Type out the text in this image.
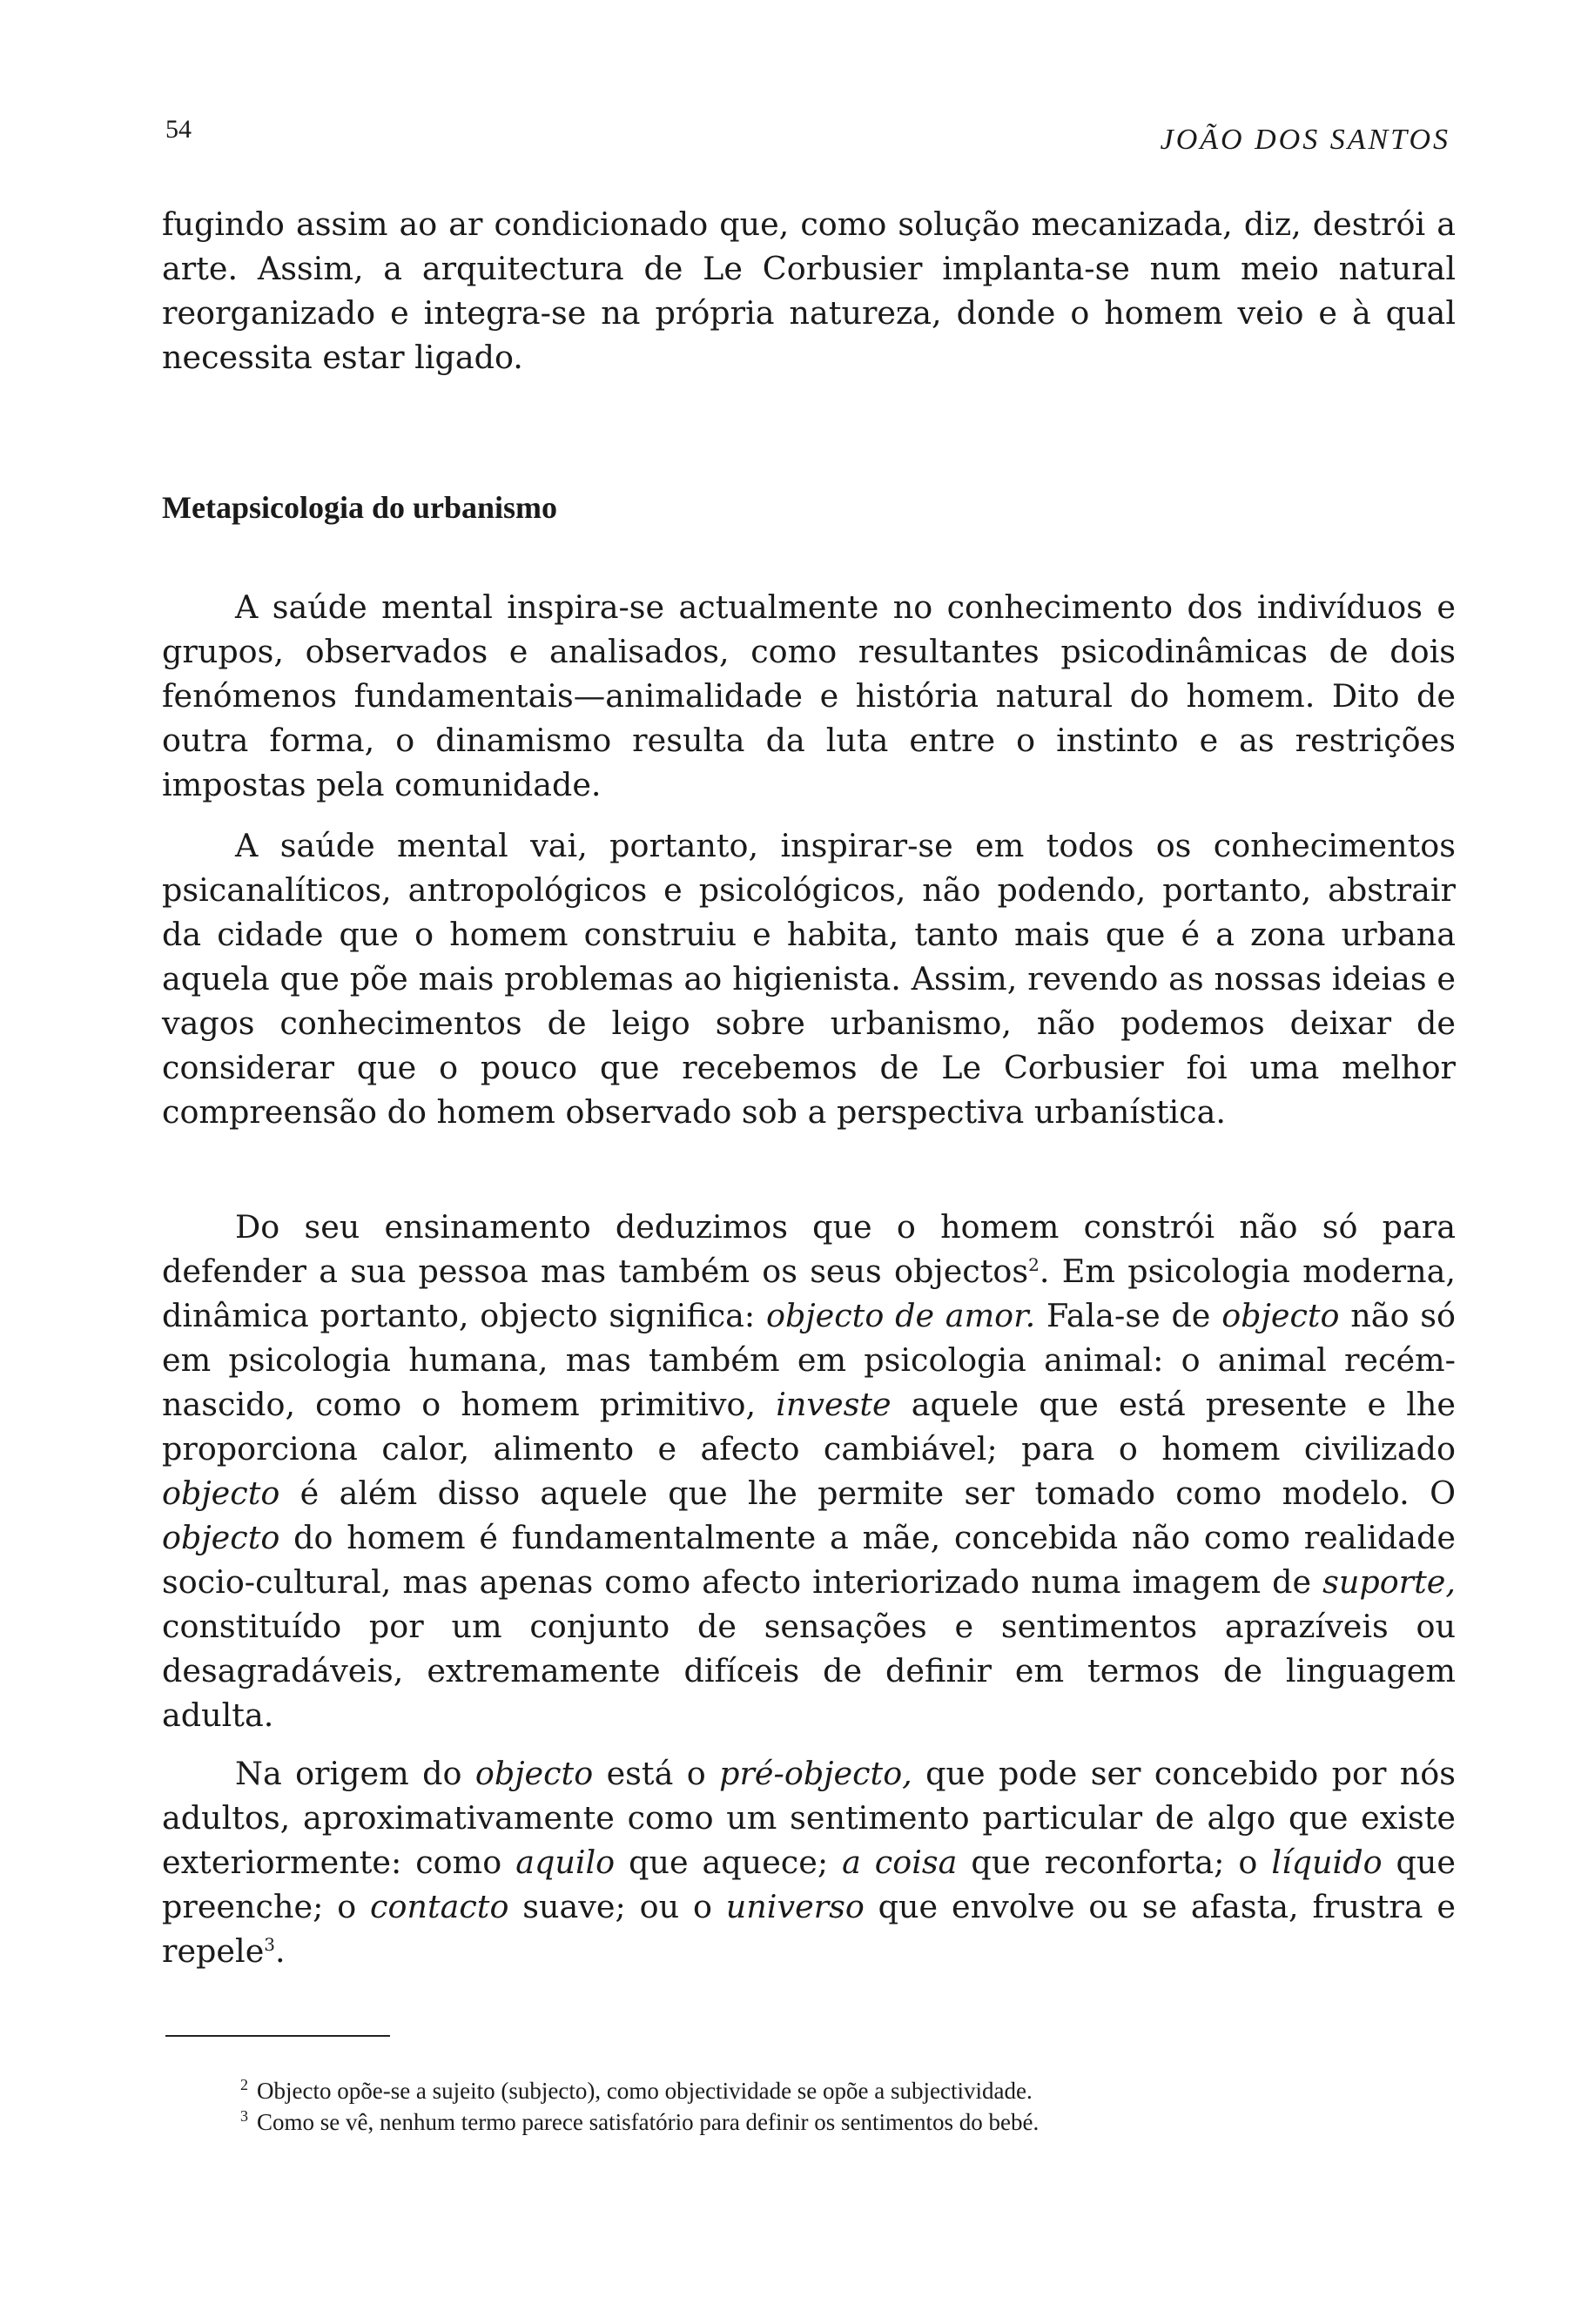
54	JOÃO DOS SANTOS

fugindo assim ao ar condicionado que, como solução mecanizada, diz, destrói a arte. Assim, a arquitectura de Le Corbusier implanta-se num meio natural reorganizado e integra-se na própria natureza, donde o homem veio e à qual necessita estar ligado.

Metapsicologia do urbanismo

A saúde mental inspira-se actualmente no conhecimento dos indivíduos e grupos, observados e analisados, como resultantes psicodinâmicas de dois fenómenos fundamentais—animalidade e história natural do homem. Dito de outra forma, o dinamismo resulta da luta entre o instinto e as restrições impostas pela comunidade.

A saúde mental vai, portanto, inspirar-se em todos os conhecimentos psicanalíticos, antropológicos e psicológicos, não podendo, portanto, abstrair da cidade que o homem construiu e habita, tanto mais que é a zona urbana aquela que põe mais problemas ao higienista. Assim, revendo as nossas ideias e vagos conhecimentos de leigo sobre urbanismo, não podemos deixar de considerar que o pouco que recebemos de Le Corbusier foi uma melhor compreensão do homem observado sob a perspectiva urbanística.

Do seu ensinamento deduzimos que o homem constrói não só para defender a sua pessoa mas também os seus objectos$^2$. Em psicologia moderna, dinâmica portanto, objecto significa: objecto de amor. Fala-se de objecto não só em psicologia humana, mas também em psicologia animal: o animal recém-nascido, como o homem primitivo, investe aquele que está presente e lhe proporciona calor, alimento e afecto cambiável; para o homem civilizado objecto é além disso aquele que lhe permite ser tomado como modelo. O objecto do homem é fundamentalmente a mãe, concebida não como realidade socio-cultural, mas apenas como afecto interiorizado numa imagem de suporte, constituído por um conjunto de sensações e sentimentos aprazíveis ou desagradáveis, extremamente difíceis de definir em termos de linguagem adulta.

Na origem do objecto está o pré-objecto, que pode ser concebido por nós adultos, aproximativamente como um sentimento particular de algo que existe exteriormente: como aquilo que aquece; a coisa que reconforta; o líquido que preenche; o contacto suave; ou o universo que envolve ou se afasta, frustra e repele$^3$.

$^2$ Objecto opõe-se a sujeito (subjecto), como objectividade se opõe a subjectividade.

$^3$ Como se vê, nenhum termo parece satisfatório para definir os sentimentos do bebé.
